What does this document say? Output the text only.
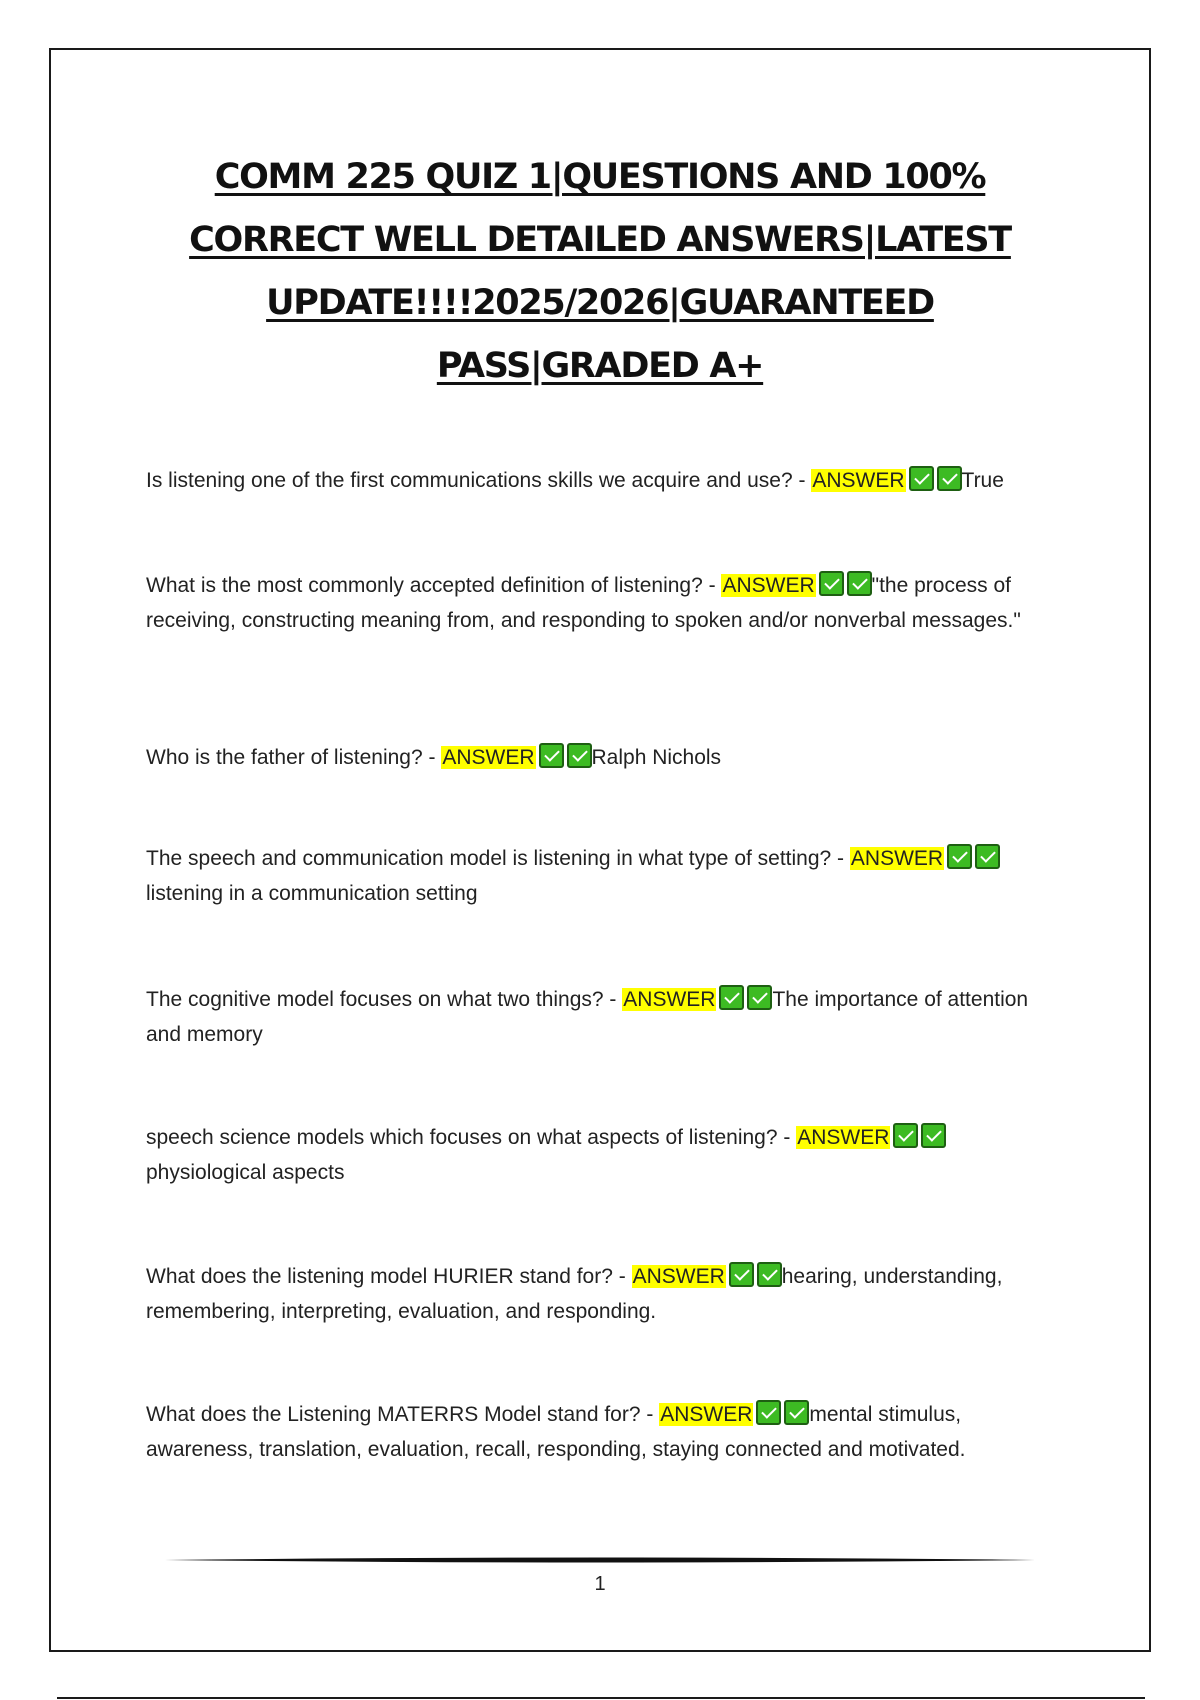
COMM 225 QUIZ 1|QUESTIONS AND 100%
CORRECT WELL DETAILED ANSWERS|LATEST
UPDATE!!!!2025/2026|GUARANTEED
PASS|GRADED A+

Is listening one of the first communications skills we acquire and use? - ANSWER	True

What is the most commonly accepted definition of listening? - ANSWER	"the process of receiving, constructing meaning from, and responding to spoken and/or nonverbal messages."

Who is the father of listening? - ANSWER	Ralph Nichols

The speech and communication model is listening in what type of setting? - ANSWERlistening in a communication setting

The cognitive model focuses on what two things? - ANSWER	The importance of attention and memory

speech science models which focuses on what aspects of listening? - ANSWERphysiological aspects

What does the listening model HURIER stand for? - ANSWER	hearing, understanding, remembering, interpreting, evaluation, and responding.

What does the Listening MATERRS Model stand for? - ANSWER	mental stimulus, awareness, translation, evaluation, recall, responding, staying connected and motivated.

1
